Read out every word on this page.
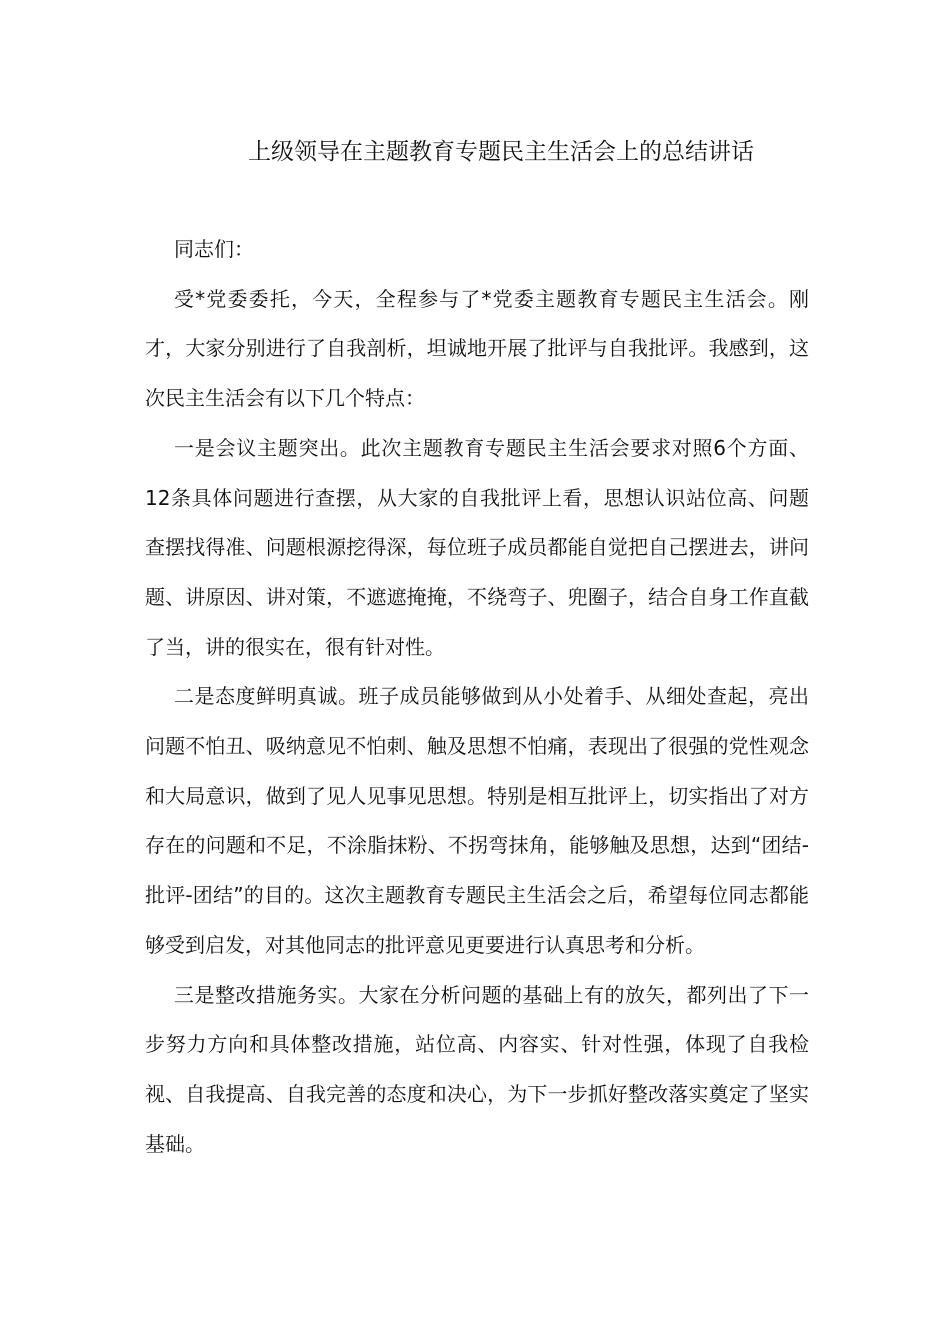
上级领导在主题教育专题民主生活会上的总结讲话

同志们：

受*党委委托，今天，全程参与了*党委主题教育专题民主生活会。刚才，大家分别进行了自我剖析，坦诚地开展了批评与自我批评。我感到，这次民主生活会有以下几个特点：

一是会议主题突出。此次主题教育专题民主生活会要求对照6个方面、12条具体问题进行查摆，从大家的自我批评上看，思想认识站位高、问题查摆找得准、问题根源挖得深，每位班子成员都能自觉把自己摆进去，讲问题、讲原因、讲对策，不遮遮掩掩，不绕弯子、兜圈子，结合自身工作直截了当，讲的很实在，很有针对性。

二是态度鲜明真诚。班子成员能够做到从小处着手、从细处查起，亮出问题不怕丑、吸纳意见不怕刺、触及思想不怕痛，表现出了很强的党性观念和大局意识，做到了见人见事见思想。特别是相互批评上，切实指出了对方存在的问题和不足，不涂脂抹粉、不拐弯抹角，能够触及思想，达到“团结-批评-团结”的目的。这次主题教育专题民主生活会之后，希望每位同志都能够受到启发，对其他同志的批评意见更要进行认真思考和分析。

三是整改措施务实。大家在分析问题的基础上有的放矢，都列出了下一步努力方向和具体整改措施，站位高、内容实、针对性强，体现了自我检视、自我提高、自我完善的态度和决心，为下一步抓好整改落实奠定了坚实基础。
